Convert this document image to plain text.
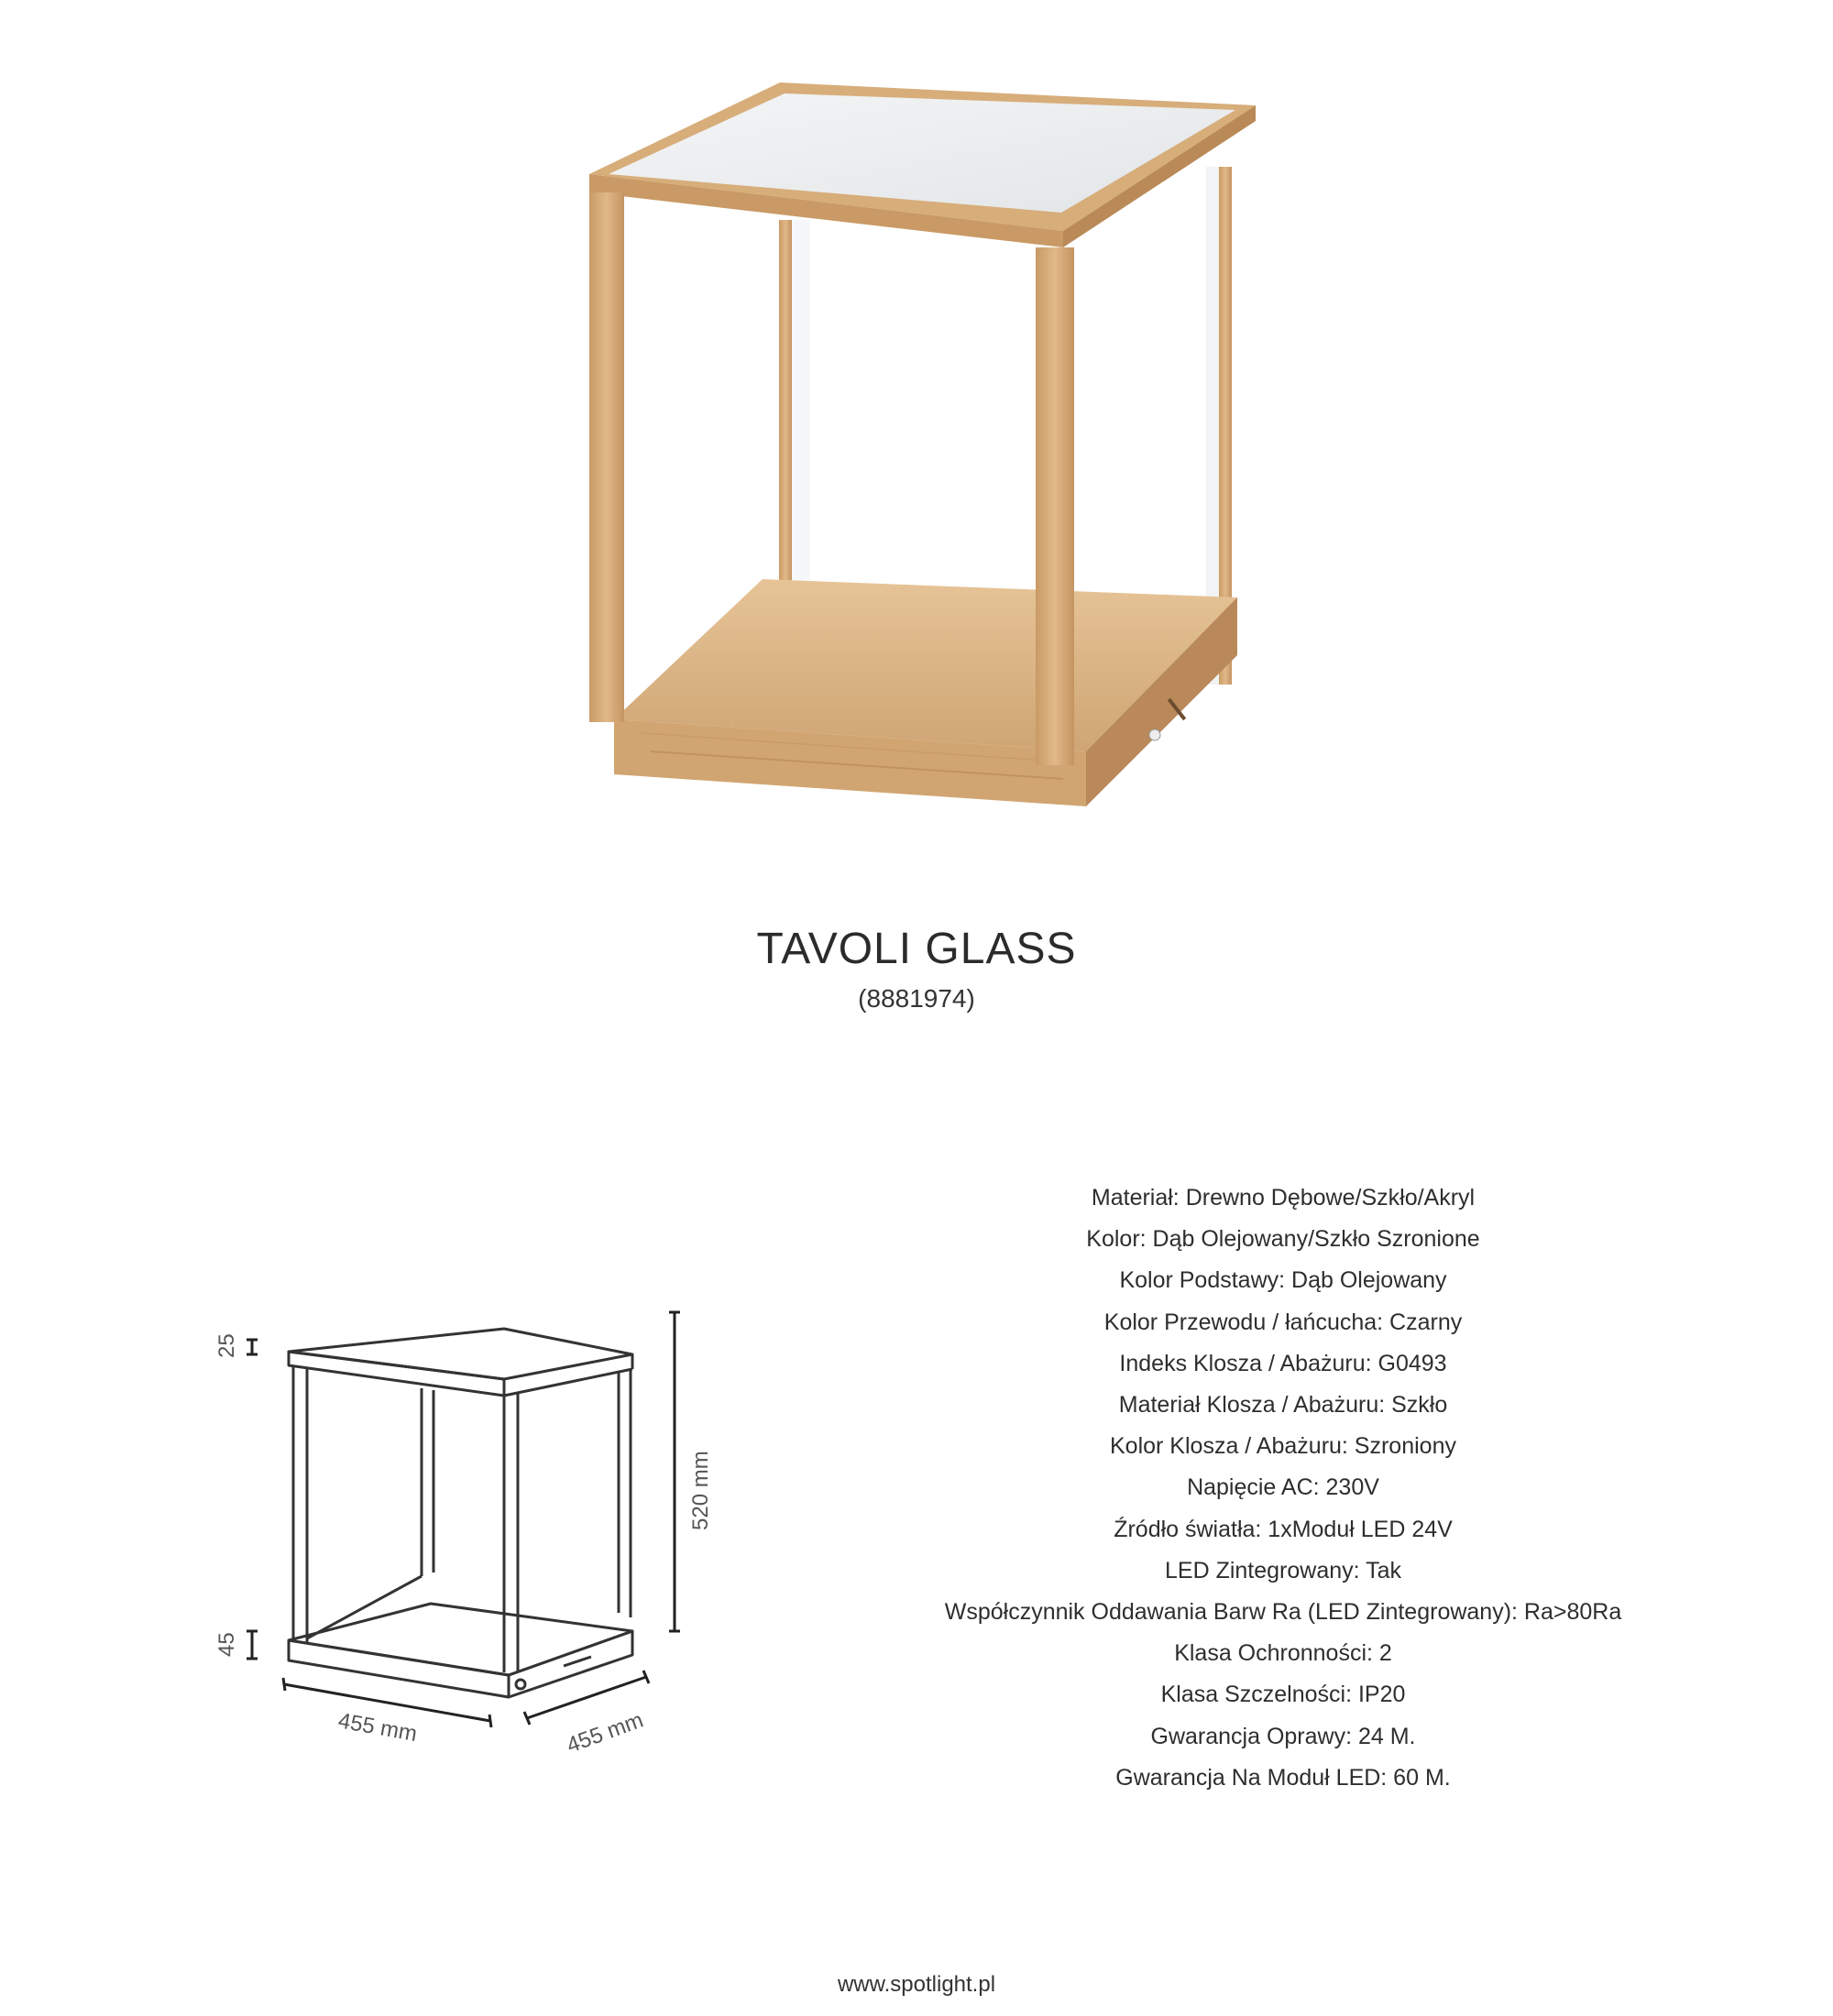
TAVOLI GLASS
(8881974)
25
45
520 mm
455 mm	455 mm
Materiał: Drewno Dębowe/Szkło/Akryl
Kolor: Dąb Olejowany/Szkło Szronione
Kolor Podstawy: Dąb Olejowany
Kolor Przewodu / łańcucha: Czarny
Indeks Klosza / Abażuru: G0493
Materiał Klosza / Abażuru: Szkło
Kolor Klosza / Abażuru: Szroniony
Napięcie AC: 230V
Źródło światła: 1xModuł LED 24V
LED Zintegrowany: Tak
Współczynnik Oddawania Barw Ra (LED Zintegrowany): Ra>80Ra
Klasa Ochronności: 2
Klasa Szczelności: IP20
Gwarancja Oprawy: 24 M.
Gwarancja Na Moduł LED: 60 M.
www.spotlight.pl
